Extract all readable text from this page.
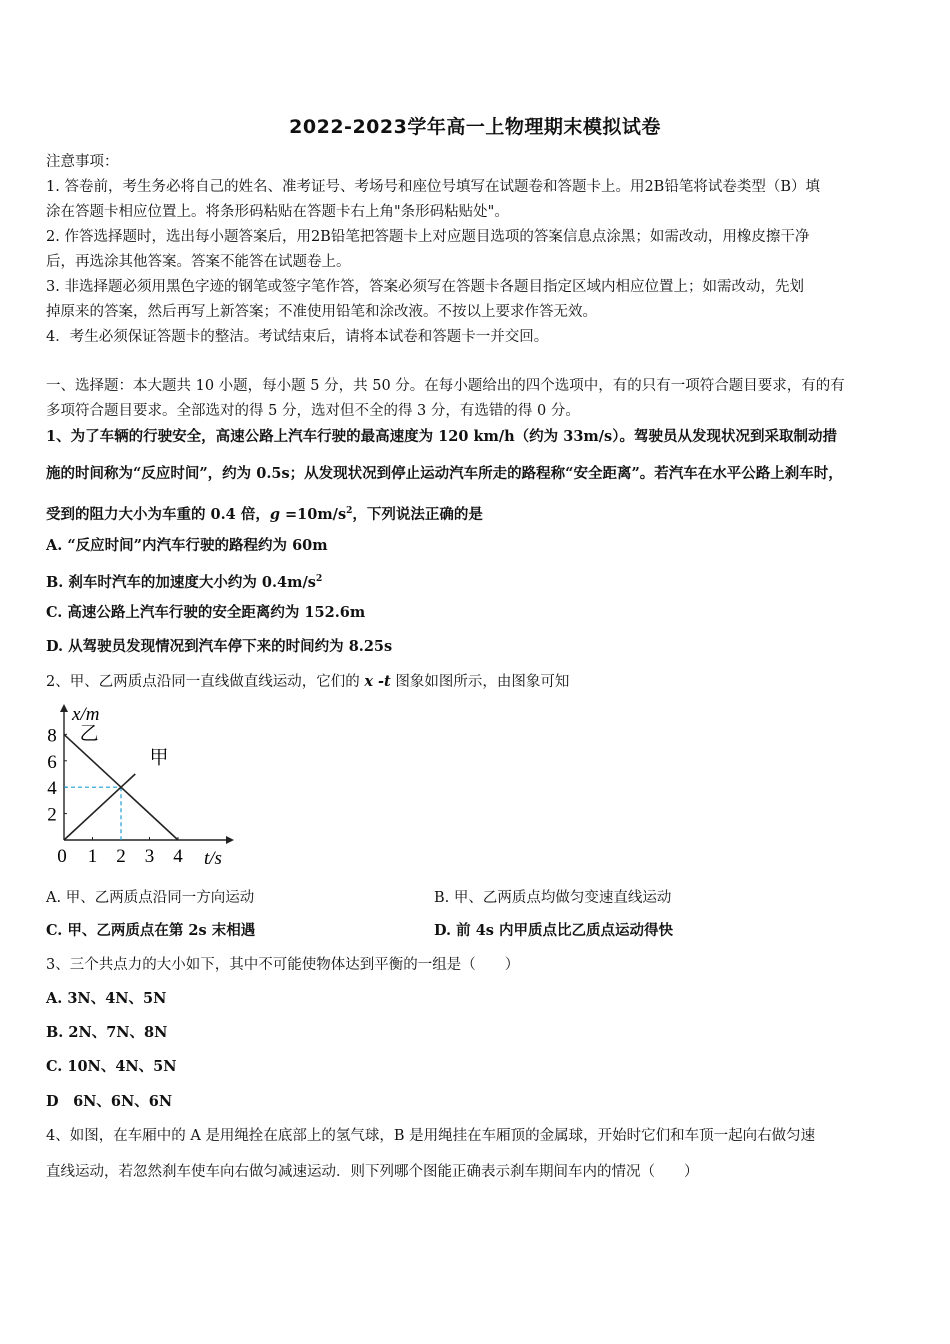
2022-2023学年高一上物理期末模拟试卷
注意事项：
1. 答卷前，考生务必将自己的姓名、准考证号、考场号和座位号填写在试题卷和答题卡上。用2B铅笔将试卷类型（B）填
涂在答题卡相应位置上。将条形码粘贴在答题卡右上角"条形码粘贴处"。
2. 作答选择题时，选出每小题答案后，用2B铅笔把答题卡上对应题目选项的答案信息点涂黑；如需改动，用橡皮擦干净
后，再选涂其他答案。答案不能答在试题卷上。
3. 非选择题必须用黑色字迹的钢笔或签字笔作答，答案必须写在答题卡各题目指定区域内相应位置上；如需改动，先划
掉原来的答案，然后再写上新答案；不准使用铅笔和涂改液。不按以上要求作答无效。
4．考生必须保证答题卡的整洁。考试结束后，请将本试卷和答题卡一并交回。
一、选择题：本大题共 10 小题，每小题 5 分，共 50 分。在每小题给出的四个选项中，有的只有一项符合题目要求，有的有
多项符合题目要求。全部选对的得 5 分，选对但不全的得 3 分，有选错的得 0 分。
1、为了车辆的行驶安全，高速公路上汽车行驶的最高速度为 120 km/h（约为 33m/s）。驾驶员从发现状况到采取制动措
施的时间称为“反应时间”，约为 0.5s；从发现状况到停止运动汽车所走的路程称“安全距离”。若汽车在水平公路上刹车时，
受到的阻力大小为车重的 0.4 倍，$g =10m/s^2$，下列说法正确的是
A. “反应时间”内汽车行驶的路程约为 60m
B. 刹车时汽车的加速度大小约为 $0.4m/s^2$
C. 高速公路上汽车行驶的安全距离约为 152.6m
D. 从驾驶员发现情况到汽车停下来的时间约为 8.25s
2、甲、乙两质点沿同一直线做直线运动，它们的 x -t 图象如图所示，由图象可知
0 1 2 3 4
2
4
6
8
x/m
t/s
甲
乙
A. 甲、乙两质点沿同一方向运动	B. 甲、乙两质点均做匀变速直线运动
C. 甲、乙两质点在第 2s 末相遇	D. 前 4s 内甲质点比乙质点运动得快
3、三个共点力的大小如下，其中不可能使物体达到平衡的一组是（　　）
A. 3N、4N、5N
B. 2N、7N、8N
C. 10N、4N、5N
D　6N、6N、6N
4、如图，在车厢中的 A 是用绳拴在底部上的氢气球，B 是用绳挂在车厢顶的金属球，开始时它们和车顶一起向右做匀速
直线运动，若忽然刹车使车向右做匀减速运动．则下列哪个图能正确表示刹车期间车内的情况（　　）
